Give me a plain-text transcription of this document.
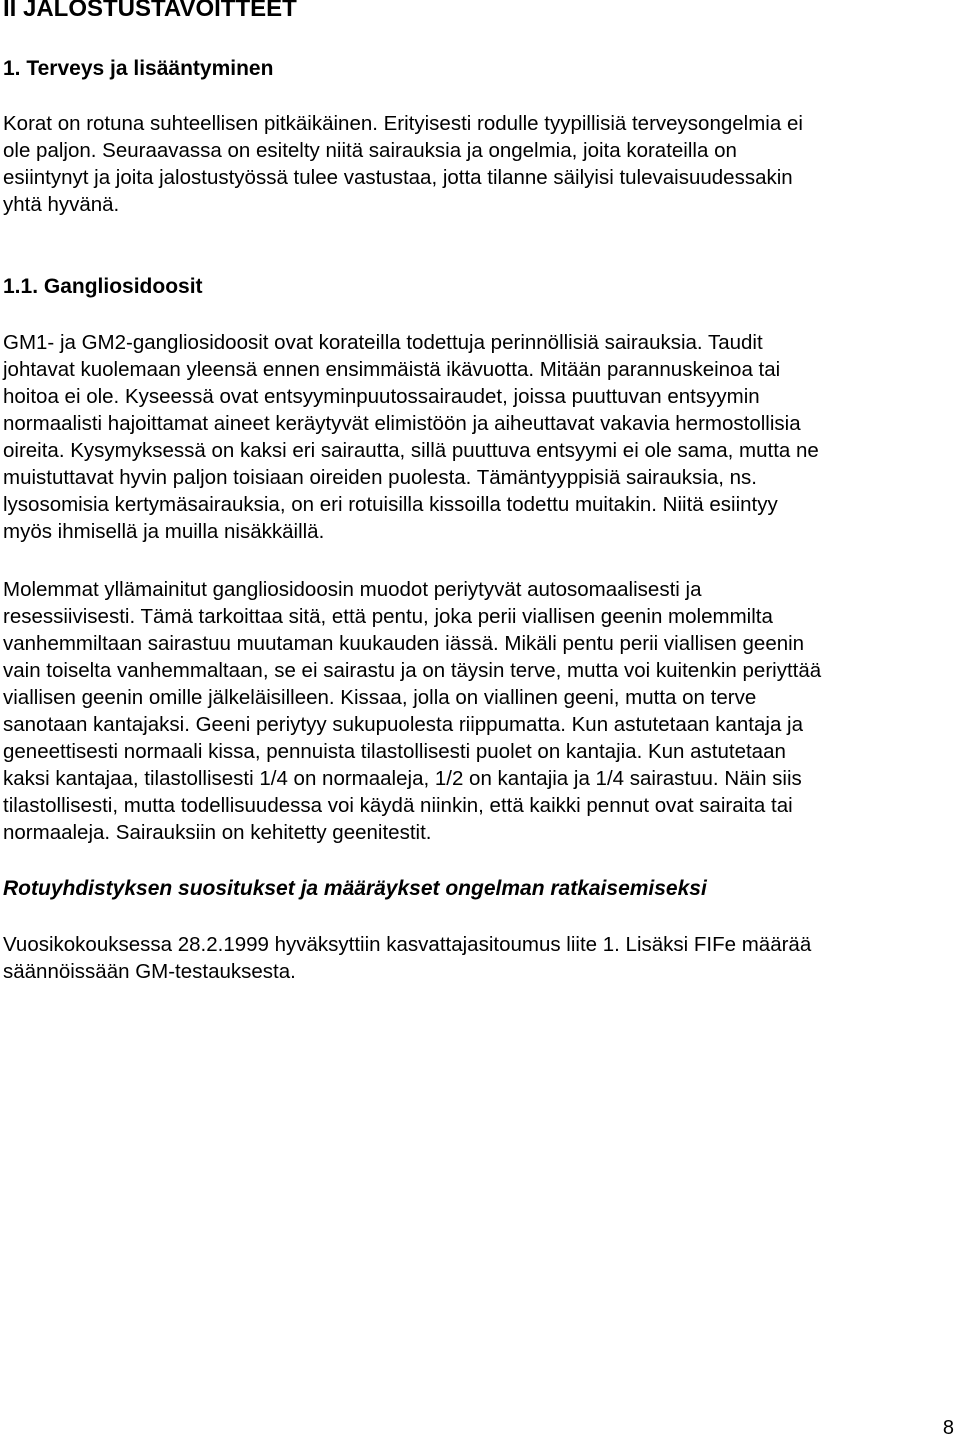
II JALOSTUSTAVOITTEET
1. Terveys ja lisääntyminen
Korat on rotuna suhteellisen pitkäikäinen. Erityisesti rodulle tyypillisiä terveysongelmia ei
ole paljon. Seuraavassa on esitelty niitä sairauksia ja ongelmia, joita korateilla on
esiintynyt ja joita jalostustyössä tulee vastustaa, jotta tilanne säilyisi tulevaisuudessakin
yhtä hyvänä.
1.1. Gangliosidoosit
GM1- ja GM2-gangliosidoosit ovat korateilla todettuja perinnöllisiä sairauksia. Taudit
johtavat kuolemaan yleensä ennen ensimmäistä ikävuotta. Mitään parannuskeinoa tai
hoitoa ei ole. Kyseessä ovat entsyyminpuutossairaudet, joissa puuttuvan entsyymin
normaalisti hajoittamat aineet keräytyvät elimistöön ja aiheuttavat vakavia hermostollisia
oireita. Kysymyksessä on kaksi eri sairautta, sillä puuttuva entsyymi ei ole sama, mutta ne
muistuttavat hyvin paljon toisiaan oireiden puolesta. Tämäntyyppisiä sairauksia, ns.
lysosomisia kertymäsairauksia, on eri rotuisilla kissoilla todettu muitakin. Niitä esiintyy
myös ihmisellä ja muilla nisäkkäillä.
Molemmat yllämainitut gangliosidoosin muodot periytyvät autosomaalisesti ja
resessiivisesti. Tämä tarkoittaa sitä, että pentu, joka perii viallisen geenin molemmilta
vanhemmiltaan sairastuu muutaman kuukauden iässä. Mikäli pentu perii viallisen geenin
vain toiselta vanhemmaltaan, se ei sairastu ja on täysin terve, mutta voi kuitenkin periyttää
viallisen geenin omille jälkeläisilleen. Kissaa, jolla on viallinen geeni, mutta on terve
sanotaan kantajaksi. Geeni periytyy sukupuolesta riippumatta. Kun astutetaan kantaja ja
geneettisesti normaali kissa, pennuista tilastollisesti puolet on kantajia. Kun astutetaan
kaksi kantajaa, tilastollisesti 1/4 on normaaleja, 1/2 on kantajia ja 1/4 sairastuu. Näin siis
tilastollisesti, mutta todellisuudessa voi käydä niinkin, että kaikki pennut ovat sairaita tai
normaaleja. Sairauksiin on kehitetty geenitestit.
Rotuyhdistyksen suositukset ja määräykset ongelman ratkaisemiseksi
Vuosikokouksessa 28.2.1999 hyväksyttiin kasvattajasitoumus liite 1. Lisäksi FIFe määrää
säännöissään GM-testauksesta.
8
